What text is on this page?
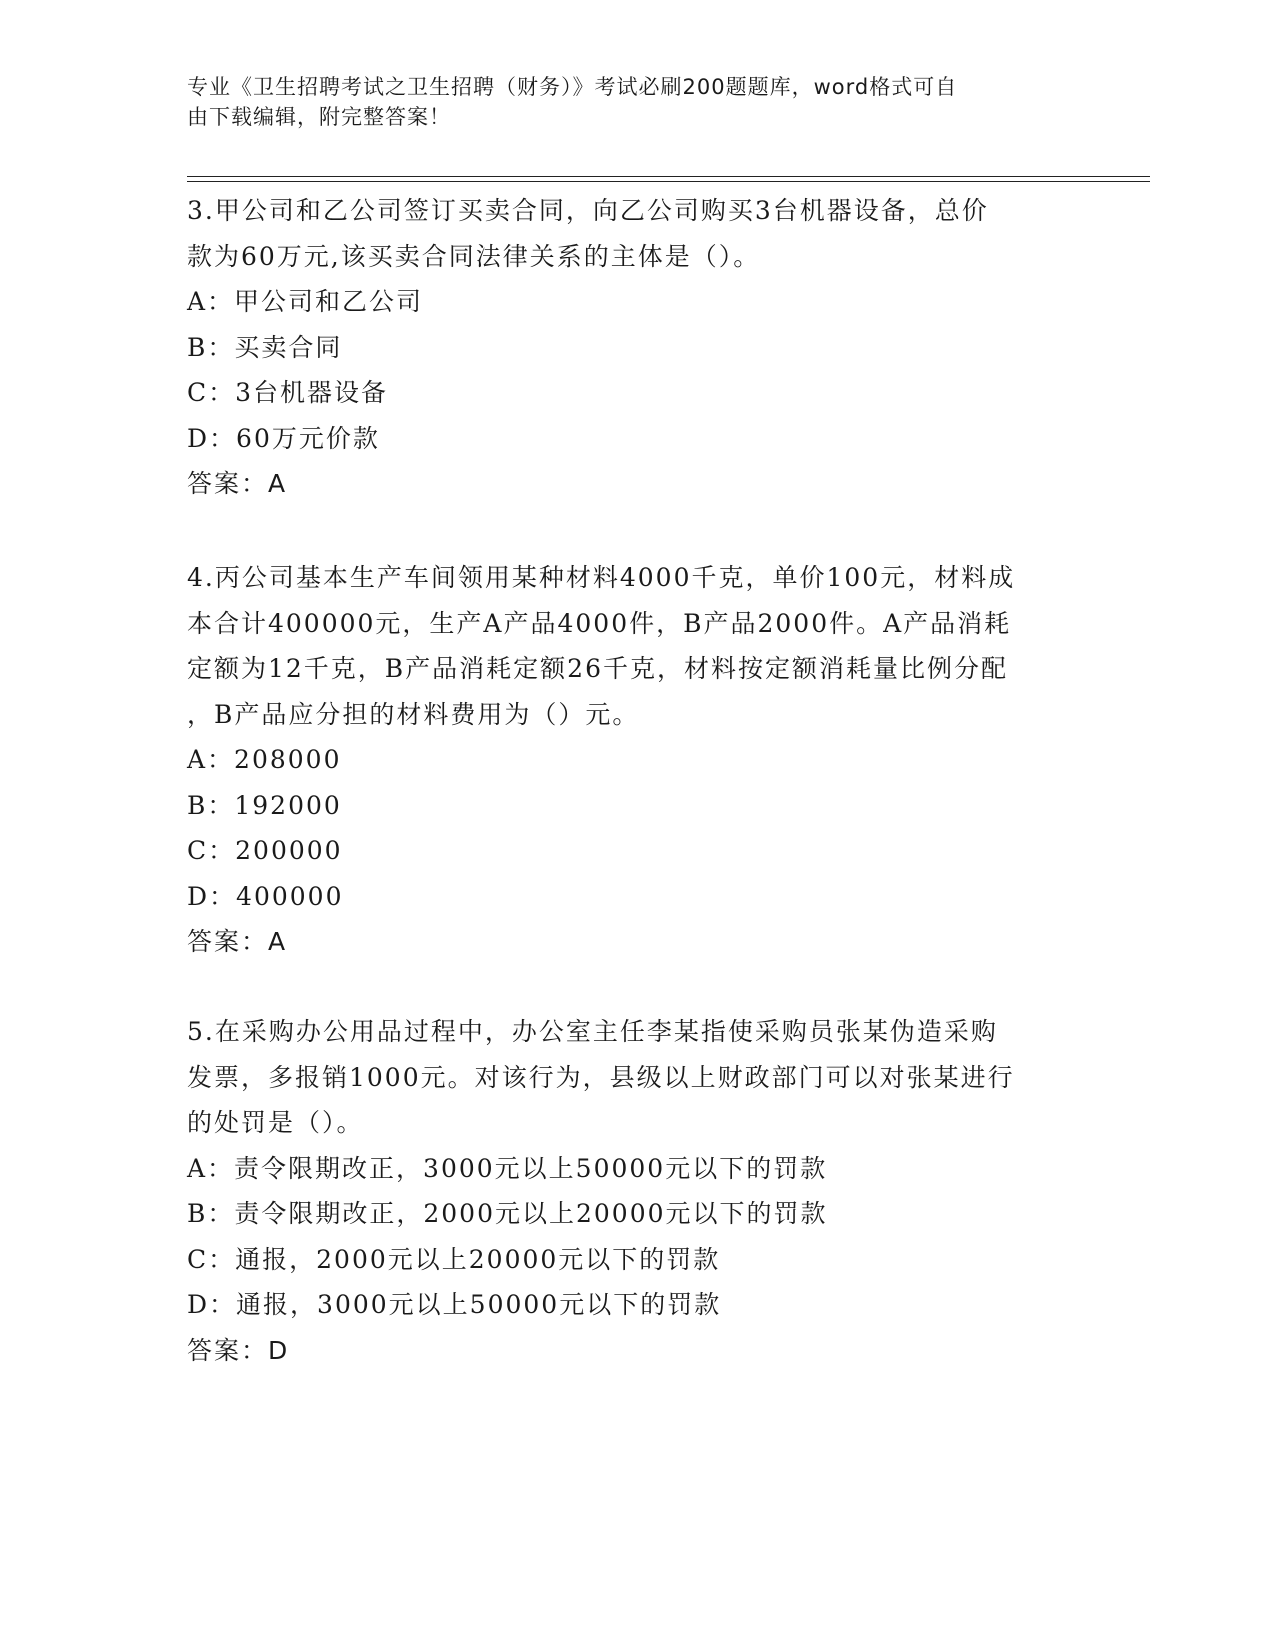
专业《卫生招聘考试之卫生招聘（财务）》考试必刷200题题库，word格式可自
由下载编辑，附完整答案！
3.甲公司和乙公司签订买卖合同，向乙公司购买3台机器设备，总价
款为60万元,该买卖合同法律关系的主体是（）。
A：甲公司和乙公司
B：买卖合同
C：3台机器设备
D：60万元价款
答案：A
4.丙公司基本生产车间领用某种材料4000千克，单价100元，材料成
本合计400000元，生产A产品4000件，B产品2000件。A产品消耗
定额为12千克，B产品消耗定额26千克，材料按定额消耗量比例分配
，B产品应分担的材料费用为（）元。
A：208000
B：192000
C：200000
D：400000
答案：A
5.在采购办公用品过程中，办公室主任李某指使采购员张某伪造采购
发票，多报销1000元。对该行为，县级以上财政部门可以对张某进行
的处罚是（）。
A：责令限期改正，3000元以上50000元以下的罚款
B：责令限期改正，2000元以上20000元以下的罚款
C：通报，2000元以上20000元以下的罚款
D：通报，3000元以上50000元以下的罚款
答案：D
